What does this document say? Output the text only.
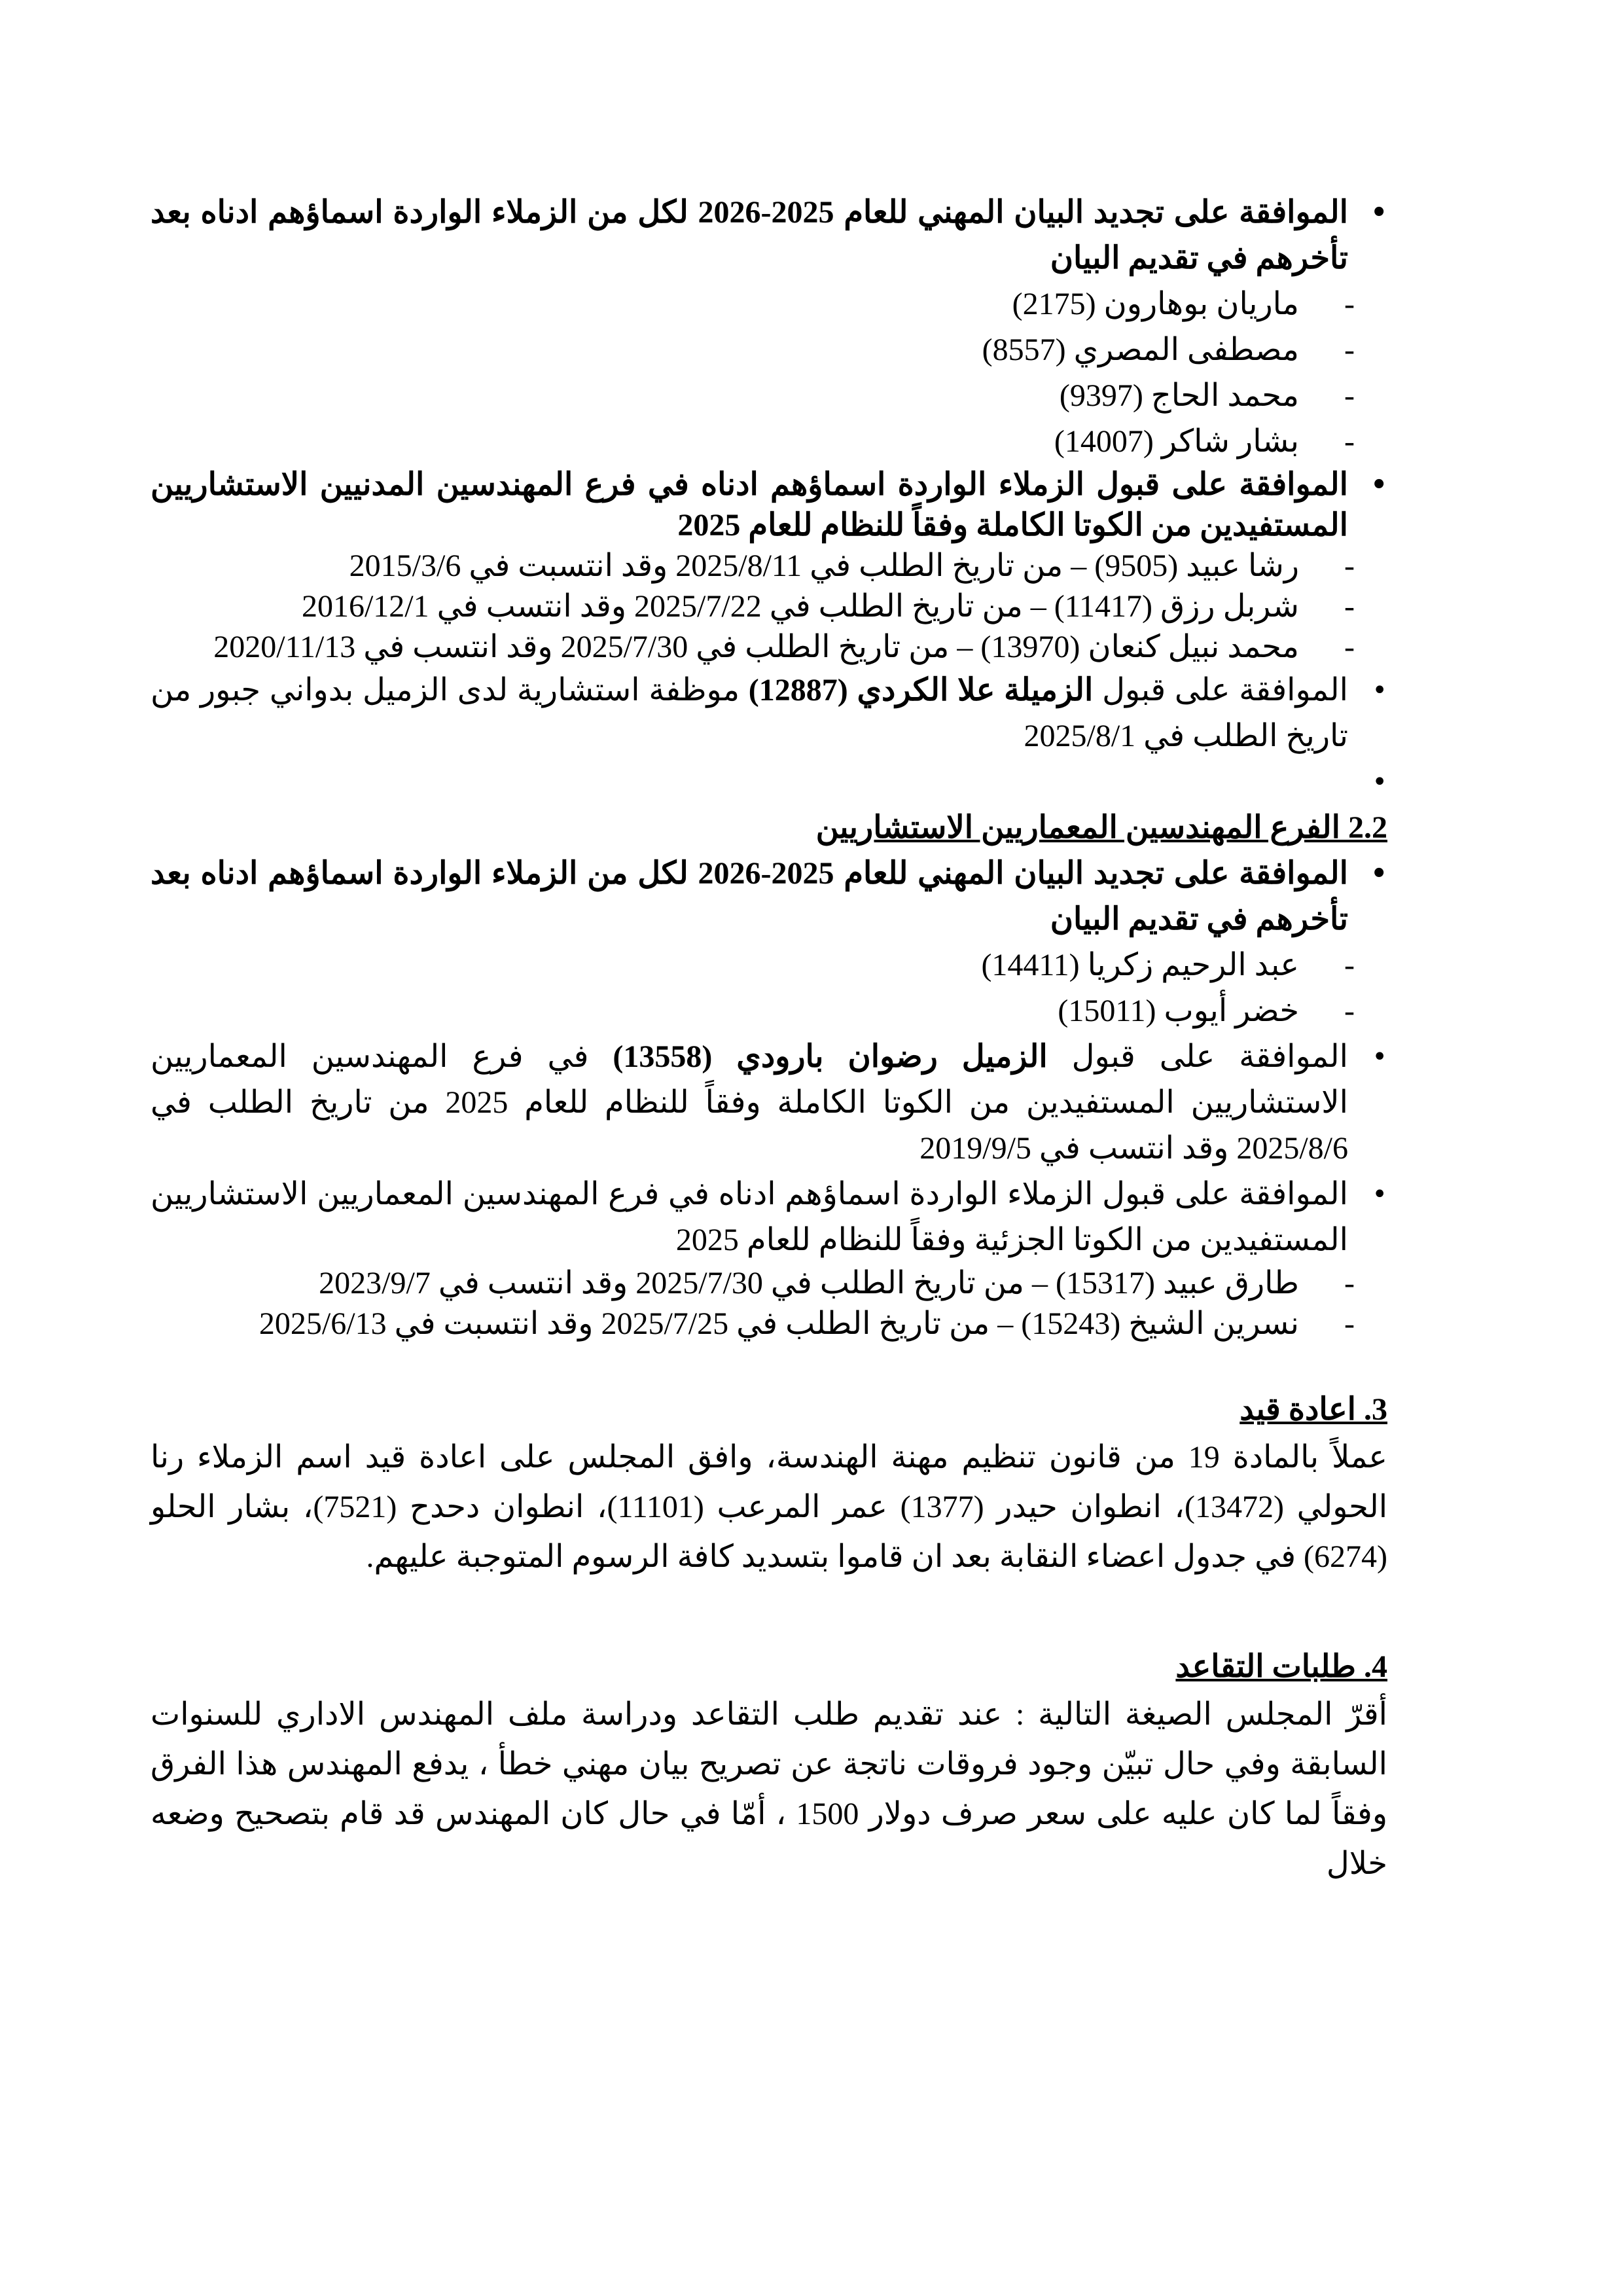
• الموافقة على تجديد البيان المهني للعام 2025-2026 لكل من الزملاء الواردة اسماؤهم ادناه بعد تأخرهم في تقديم البيان
- ماريان بوهارون (2175)
- مصطفى المصري (8557)
- محمد الحاج (9397)
- بشار شاكر (14007)
• الموافقة على قبول الزملاء الواردة اسماؤهم ادناه في فرع المهندسين المدنيين الاستشاريين المستفيدين من الكوتا الكاملة وفقاً للنظام للعام 2025
- رشا عبيد (9505) – من تاريخ الطلب في 2025/8/11 وقد انتسبت في 2015/3/6
- شربل رزق (11417) – من تاريخ الطلب في 2025/7/22 وقد انتسب في 2016/12/1
- محمد نبيل كنعان (13970) – من تاريخ الطلب في 2025/7/30 وقد انتسب في 2020/11/13
• الموافقة على قبول الزميلة علا الكردي (12887) موظفة استشارية لدى الزميل بدواني جبور من تاريخ الطلب في 2025/8/1
•
2.2 الفرع المهندسين المعماريين الاستشاريين
• الموافقة على تجديد البيان المهني للعام 2025-2026 لكل من الزملاء الواردة اسماؤهم ادناه بعد تأخرهم في تقديم البيان
- عبد الرحيم زكريا (14411)
- خضر أيوب (15011)
• الموافقة على قبول الزميل رضوان بارودي (13558) في فرع المهندسين المعماريين الاستشاريين المستفيدين من الكوتا الكاملة وفقاً للنظام للعام 2025 من تاريخ الطلب في 2025/8/6 وقد انتسب في 2019/9/5
• الموافقة على قبول الزملاء الواردة اسماؤهم ادناه في فرع المهندسين المعماريين الاستشاريين المستفيدين من الكوتا الجزئية وفقاً للنظام للعام 2025
- طارق عبيد (15317) – من تاريخ الطلب في 2025/7/30 وقد انتسب في 2023/9/7
- نسرين الشيخ (15243) – من تاريخ الطلب في 2025/7/25 وقد انتسبت في 2025/6/13
3. اعادة قيد
عملاً بالمادة 19 من قانون تنظيم مهنة الهندسة، وافق المجلس على اعادة قيد اسم الزملاء رنا الحولي (13472)، انطوان حيدر (1377) عمر المرعب (11101)، انطوان دحدح (7521)، بشار الحلو (6274) في جدول اعضاء النقابة بعد ان قاموا بتسديد كافة الرسوم المتوجبة عليهم.
4. طلبات التقاعد
أقرّ المجلس الصيغة التالية : عند تقديم طلب التقاعد ودراسة ملف المهندس الاداري للسنوات السابقة وفي حال تبيّن وجود فروقات ناتجة عن تصريح بيان مهني خطأ ، يدفع المهندس هذا الفرق وفقاً لما كان عليه على سعر صرف دولار 1500 ، أمّا في حال كان المهندس قد قام بتصحيح وضعه خلال
